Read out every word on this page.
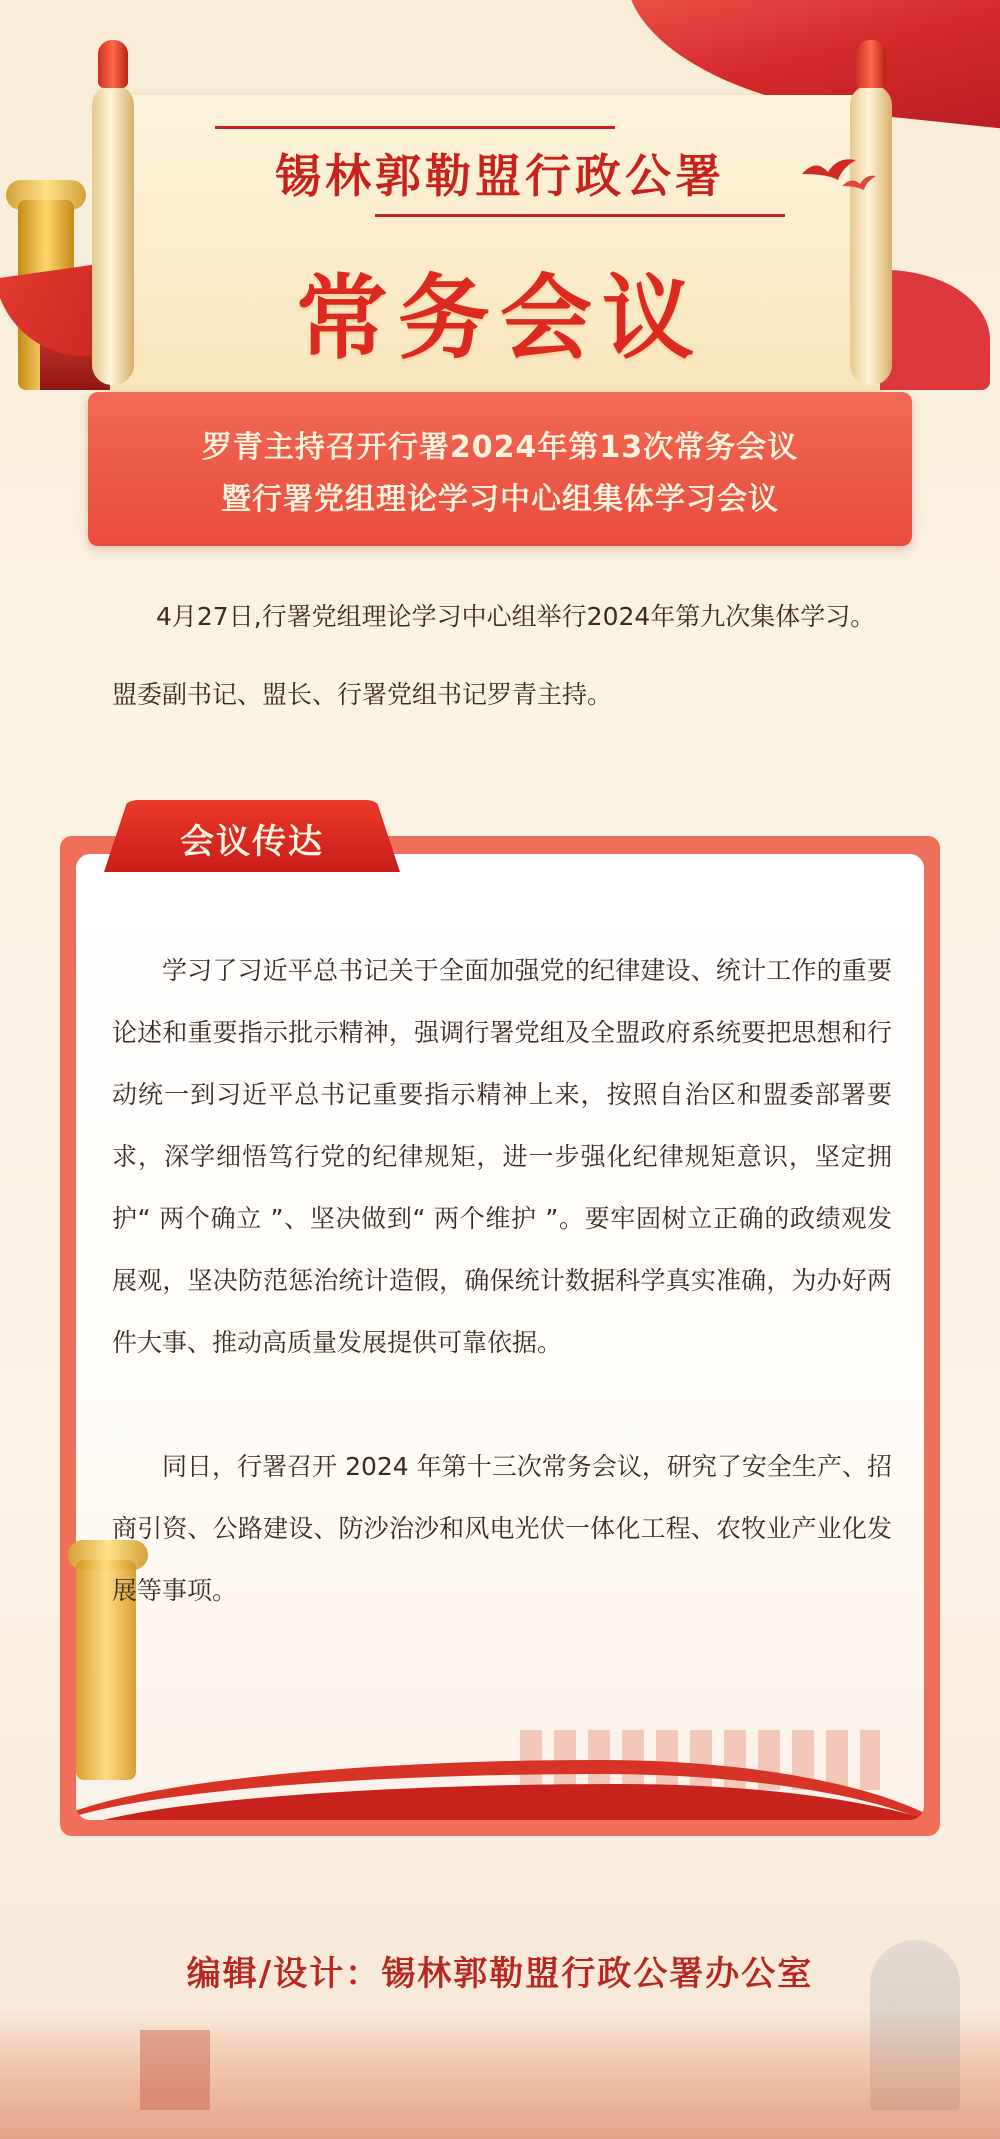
锡林郭勒盟行政公署
常务会议
罗青主持召开行署2024年第13次常务会议
暨行署党组理论学习中心组集体学习会议
4月27日,行署党组理论学习中心组举行2024年第九次集体学习。盟委副书记、盟长、行署党组书记罗青主持。
会议传达
学习了习近平总书记关于全面加强党的纪律建设、统计工作的重要论述和重要指示批示精神，强调行署党组及全盟政府系统要把思想和行动统一到习近平总书记重要指示精神上来，按照自治区和盟委部署要求，深学细悟笃行党的纪律规矩，进一步强化纪律规矩意识，坚定拥护“ 两个确立 ”、坚决做到“ 两个维护 ”。要牢固树立正确的政绩观发展观，坚决防范惩治统计造假，确保统计数据科学真实准确，为办好两件大事、推动高质量发展提供可靠依据。
同日，行署召开 2024 年第十三次常务会议，研究了安全生产、招商引资、公路建设、防沙治沙和风电光伏一体化工程、农牧业产业化发展等事项。
编辑/设计：锡林郭勒盟行政公署办公室
